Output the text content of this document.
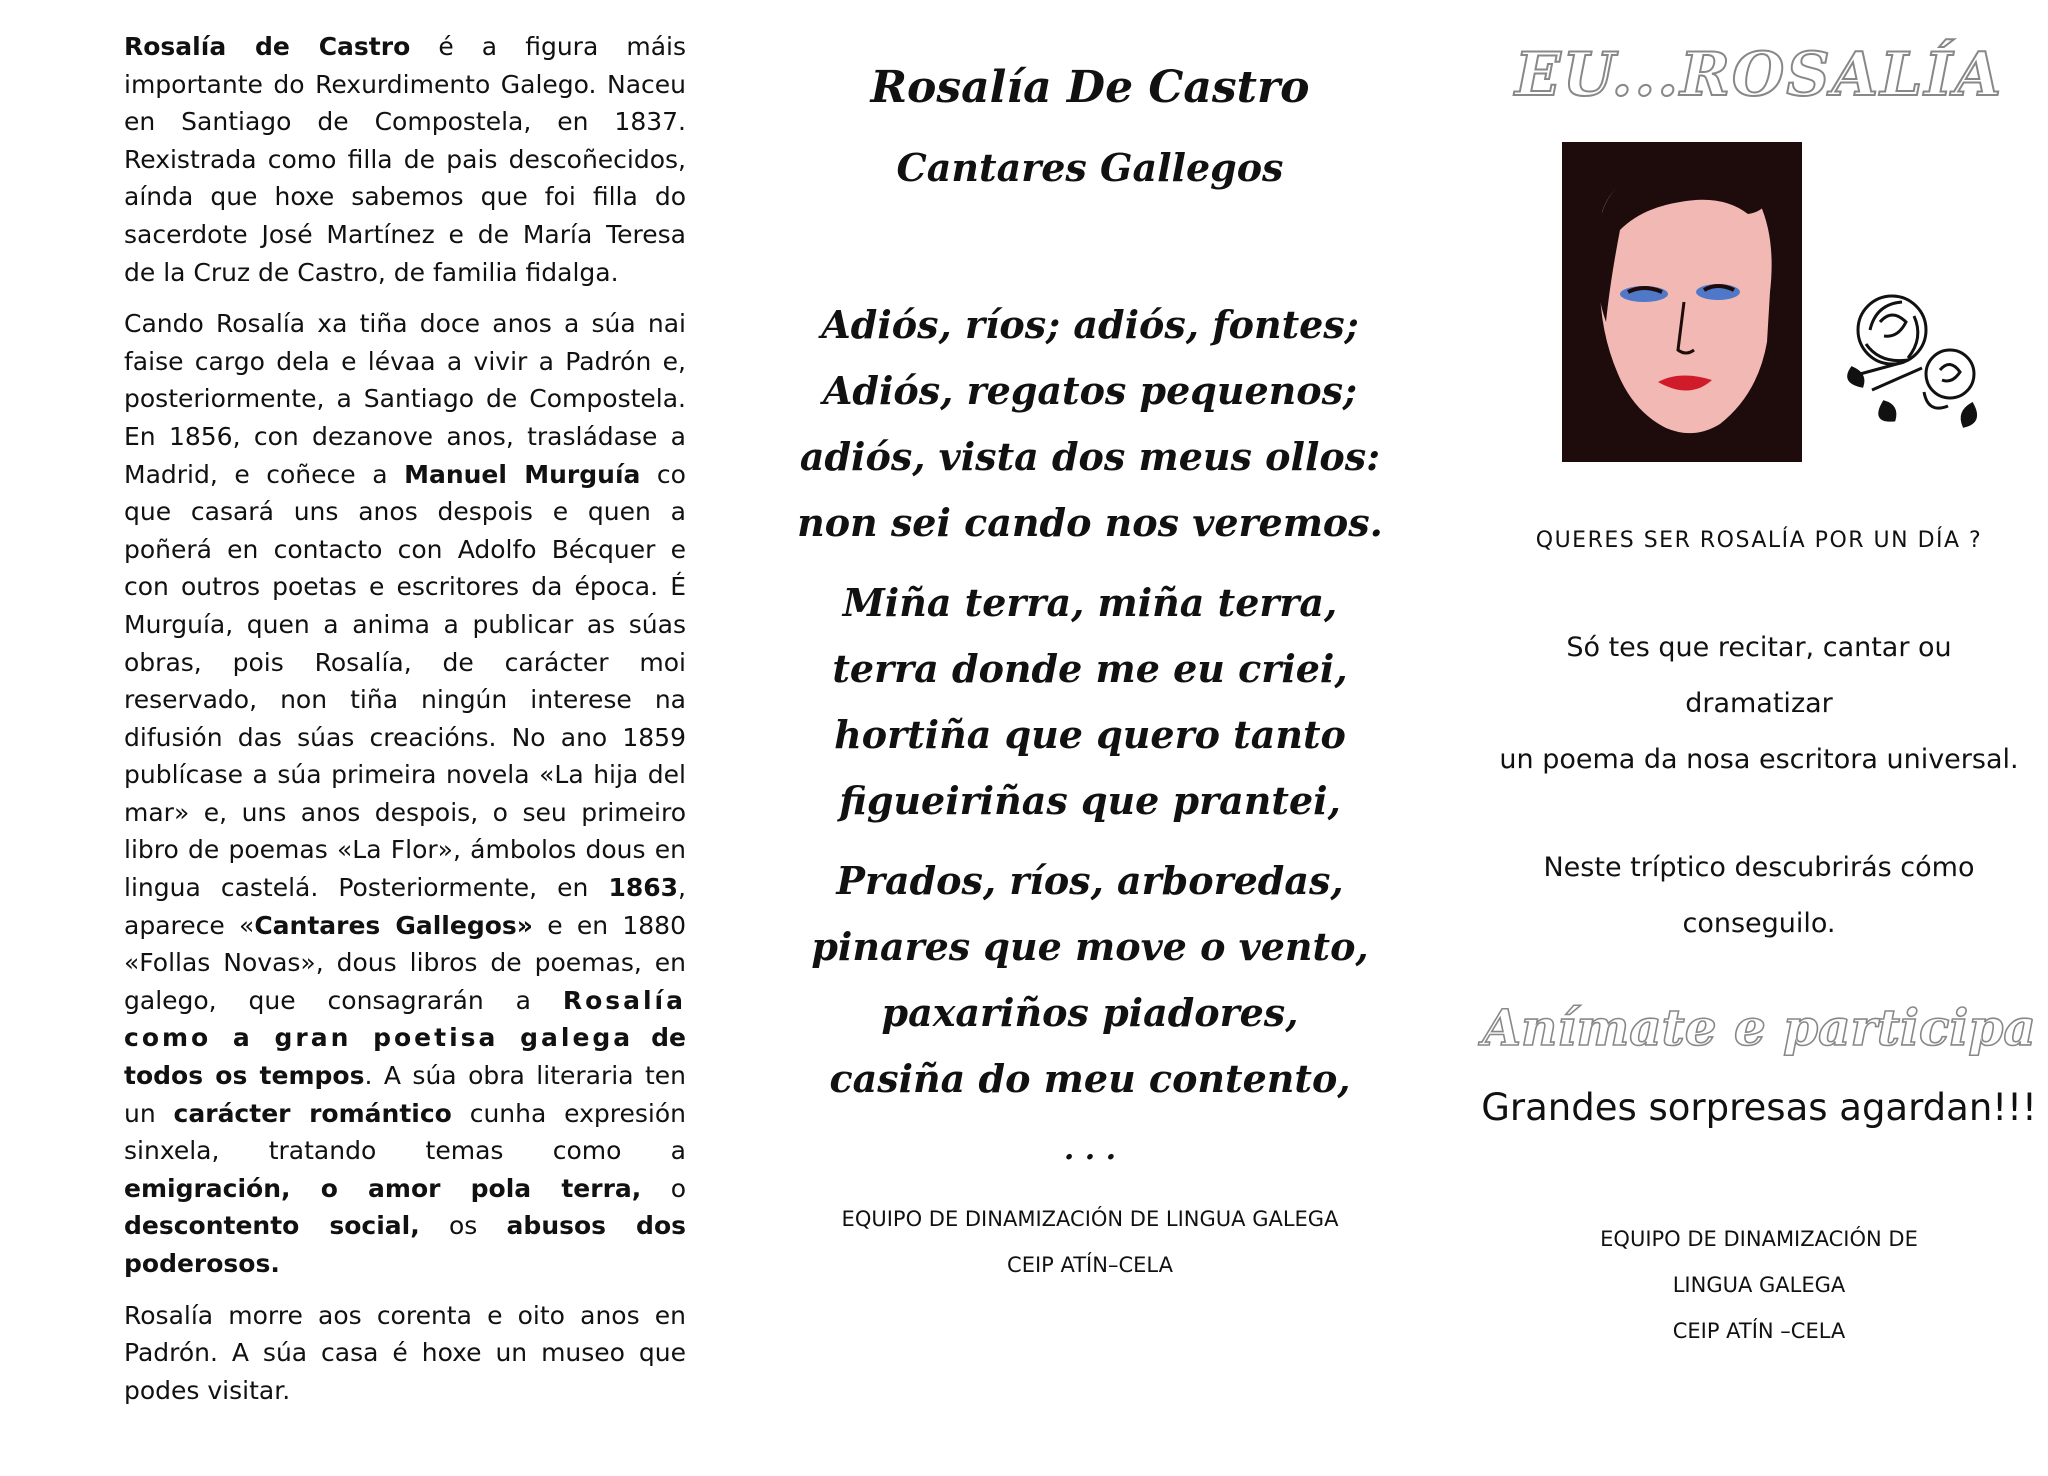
Rosalía de Castro é a figura máis importante do Rexurdimento Galego. Naceu en Santiago de Compostela, en 1837. Rexistrada como filla de pais descoñecidos, aínda que hoxe sabemos que foi filla do sacerdote José Martínez e de María Teresa de la Cruz de Castro, de familia fidalga.

Cando Rosalía xa tiña doce anos a súa nai faise cargo dela e lévaa a vivir a Padrón e, posteriormente, a Santiago de Compostela. En 1856, con dezanove anos, trasládase a Madrid, e coñece a Manuel Murguía co que casará uns anos despois e quen a poñerá en contacto con Adolfo Bécquer e con outros poetas e escritores da época. É Murguía, quen a anima a publicar as súas obras, pois Rosalía, de carácter moi reservado, non tiña ningún interese na difusión das súas creacións. No ano 1859 publícase a súa primeira novela «La hija del mar» e, uns anos despois, o seu primeiro libro de poemas «La Flor», ámbolos dous en lingua castelá. Posteriormente, en 1863, aparece «Cantares Gallegos» e en 1880 «Follas Novas», dous libros de poemas, en galego, que consagrarán a Rosalía como a gran poetisa galega de todos os tempos. A súa obra literaria ten un carácter romántico cunha expresión sinxela, tratando temas como a emigración, o amor pola terra, o descontento social, os abusos dos poderosos.

Rosalía morre aos corenta e oito anos en Padrón. A súa casa é hoxe un museo que podes visitar.

Rosalía De Castro
Cantares Gallegos
Adiós, ríos; adiós, fontes;
Adiós, regatos pequenos;
adiós, vista dos meus ollos:
non sei cando nos veremos.
Miña terra, miña terra,
terra donde me eu criei,
hortiña que quero tanto
figueiriñas que prantei,
Prados, ríos, arboredas,
pinares que move o vento,
paxariños piadores,
casiña do meu contento,
. . .
EQUIPO DE DINAMIZACIÓN DE LINGUA GALEGA
CEIP ATÍN–CELA
EU...ROSALÍA
QUERES SER ROSALÍA POR UN DÍA ?
Só tes que recitar, cantar ou
dramatizar
un poema da nosa escritora universal.
Neste tríptico descubrirás cómo
conseguilo.
Anímate e participa
Grandes sorpresas agardan!!!
EQUIPO DE DINAMIZACIÓN DE
LINGUA GALEGA
CEIP ATÍN –CELA
